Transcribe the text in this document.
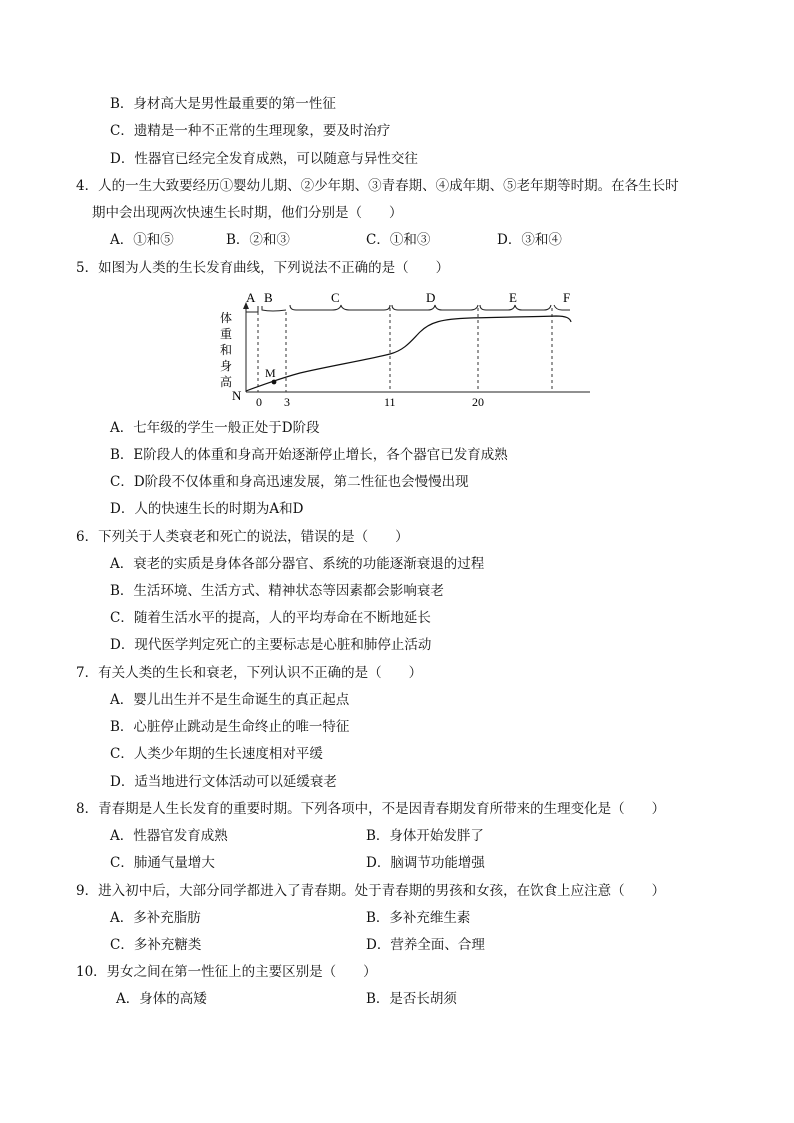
B．身材高大是男性最重要的第一性征
C．遗精是一种不正常的生理现象，要及时治疗
D．性器官已经完全发育成熟，可以随意与异性交往
4．人的一生大致要经历①婴幼儿期、②少年期、③青春期、④成年期、⑤老年期等时期。在各生长时
期中会出现两次快速生长时期，他们分别是（　　）
A．①和⑤	B．②和③	C．①和③	D．③和④
5．如图为人类的生长发育曲线，下列说法不正确的是（　　）
A B	C	D	E	F
M
体
重
和
身
高
N 0 3	11	20
A．七年级的学生一般正处于D阶段
B．E阶段人的体重和身高开始逐渐停止增长，各个器官已发育成熟
C．D阶段不仅体重和身高迅速发展，第二性征也会慢慢出现
D．人的快速生长的时期为A和D
6．下列关于人类衰老和死亡的说法，错误的是（　　）
A．衰老的实质是身体各部分器官、系统的功能逐渐衰退的过程
B．生活环境、生活方式、精神状态等因素都会影响衰老
C．随着生活水平的提高，人的平均寿命在不断地延长
D．现代医学判定死亡的主要标志是心脏和肺停止活动
7．有关人类的生长和衰老，下列认识不正确的是（　　）
A．婴儿出生并不是生命诞生的真正起点
B．心脏停止跳动是生命终止的唯一特征
C．人类少年期的生长速度相对平缓
D．适当地进行文体活动可以延缓衰老
8．青春期是人生长发育的重要时期。下列各项中，不是因青春期发育所带来的生理变化是（　　）
A．性器官发育成熟	B．身体开始发胖了
C．肺通气量增大	D．脑调节功能增强
9．进入初中后，大部分同学都进入了青春期。处于青春期的男孩和女孩，在饮食上应注意（　　）
A．多补充脂肪	B．多补充维生素
C．多补充糖类	D．营养全面、合理
10．男女之间在第一性征上的主要区别是（　　）
A．身体的高矮	B．是否长胡须
